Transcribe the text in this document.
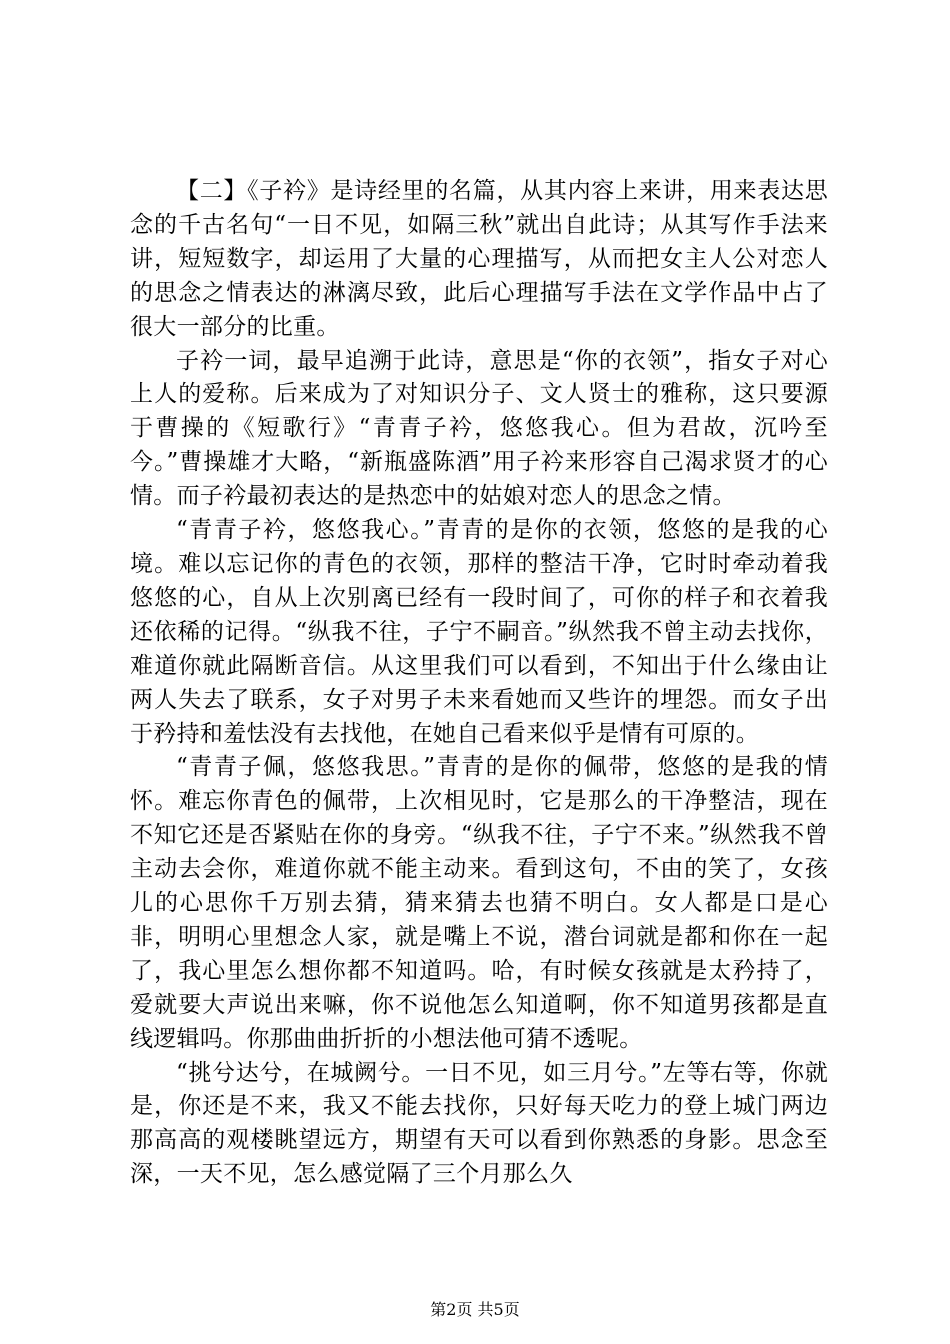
【二】《子衿》是诗经里的名篇，从其内容上来讲，用来表达思念的千古名句“一日不见，如隔三秋”就出自此诗；从其写作手法来讲，短短数字，却运用了大量的心理描写，从而把女主人公对恋人的思念之情表达的淋漓尽致，此后心理描写手法在文学作品中占了很大一部分的比重。

子衿一词，最早追溯于此诗，意思是“你的衣领”，指女子对心上人的爱称。后来成为了对知识分子、文人贤士的雅称，这只要源于曹操的《短歌行》“青青子衿，悠悠我心。但为君故，沉吟至今。”曹操雄才大略，“新瓶盛陈酒”用子衿来形容自己渴求贤才的心情。而子衿最初表达的是热恋中的姑娘对恋人的思念之情。

“青青子衿，悠悠我心。”青青的是你的衣领，悠悠的是我的心境。难以忘记你的青色的衣领，那样的整洁干净，它时时牵动着我悠悠的心，自从上次别离已经有一段时间了，可你的样子和衣着我还依稀的记得。“纵我不往，子宁不嗣音。”纵然我不曾主动去找你，难道你就此隔断音信。从这里我们可以看到，不知出于什么缘由让两人失去了联系，女子对男子未来看她而又些许的埋怨。而女子出于矜持和羞怯没有去找他，在她自己看来似乎是情有可原的。

“青青子佩，悠悠我思。”青青的是你的佩带，悠悠的是我的情怀。难忘你青色的佩带，上次相见时，它是那么的干净整洁，现在不知它还是否紧贴在你的身旁。“纵我不往，子宁不来。”纵然我不曾主动去会你，难道你就不能主动来。看到这句，不由的笑了，女孩儿的心思你千万别去猜，猜来猜去也猜不明白。女人都是口是心非，明明心里想念人家，就是嘴上不说，潜台词就是都和你在一起了，我心里怎么想你都不知道吗。哈，有时候女孩就是太矜持了，爱就要大声说出来嘛，你不说他怎么知道啊，你不知道男孩都是直线逻辑吗。你那曲曲折折的小想法他可猜不透呢。

“挑兮达兮，在城阙兮。一日不见，如三月兮。”左等右等，你就是，你还是不来，我又不能去找你，只好每天吃力的登上城门两边那高高的观楼眺望远方，期望有天可以看到你熟悉的身影。思念至深，一天不见，怎么感觉隔了三个月那么久

第2页 共5页
